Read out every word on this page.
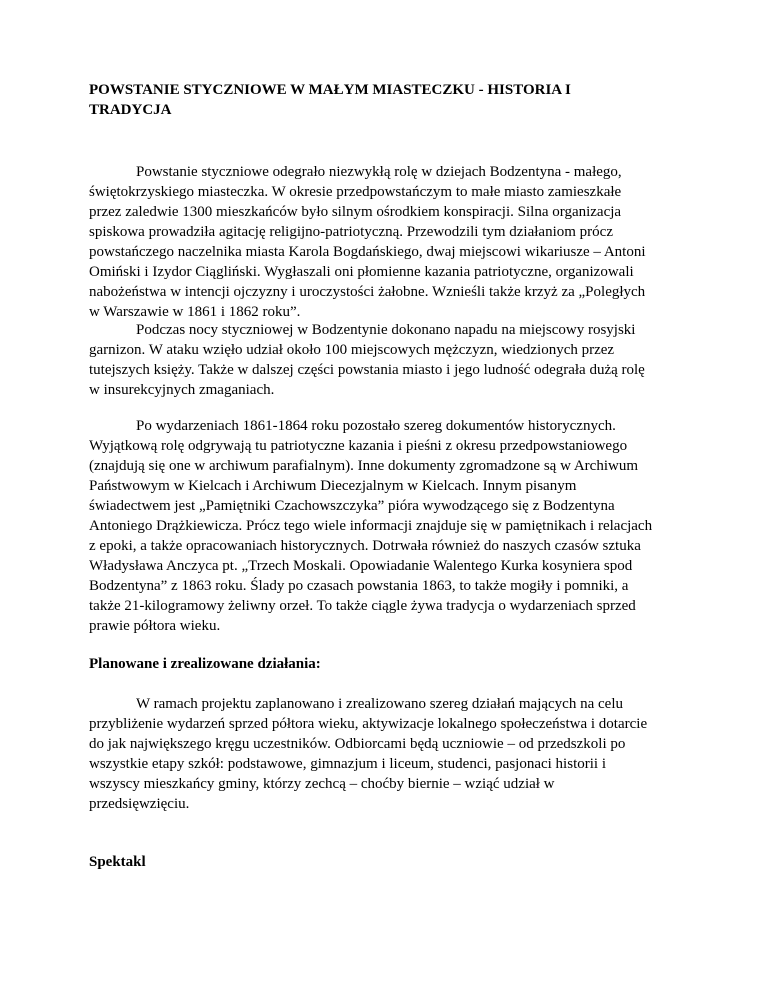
POWSTANIE STYCZNIOWE W MAŁYM MIASTECZKU - HISTORIA I
TRADYCJA

Powstanie styczniowe odegrało niezwykłą rolę w dziejach Bodzentyna - małego,
świętokrzyskiego miasteczka. W okresie przedpowstańczym to małe miasto zamieszkałe
przez zaledwie 1300 mieszkańców było silnym ośrodkiem konspiracji. Silna organizacja
spiskowa prowadziła agitację religijno-patriotyczną. Przewodzili tym działaniom prócz
powstańczego naczelnika miasta Karola Bogdańskiego, dwaj miejscowi wikariusze – Antoni
Omiński i Izydor Ciągliński. Wygłaszali oni płomienne kazania patriotyczne, organizowali
nabożeństwa w intencji ojczyzny i uroczystości żałobne. Wznieśli także krzyż za „Poległych
w Warszawie w 1861 i 1862 roku”.

Podczas nocy styczniowej w Bodzentynie dokonano napadu na miejscowy rosyjski
garnizon. W ataku wzięło udział około 100 miejscowych mężczyzn, wiedzionych przez
tutejszych księży. Także w dalszej części powstania miasto i jego ludność odegrała dużą rolę
w insurekcyjnych zmaganiach.

Po wydarzeniach 1861-1864 roku pozostało szereg dokumentów historycznych.
Wyjątkową rolę odgrywają tu patriotyczne kazania i pieśni z okresu przedpowstaniowego
(znajdują się one w archiwum parafialnym). Inne dokumenty zgromadzone są w Archiwum
Państwowym w Kielcach i Archiwum Diecezjalnym w Kielcach. Innym pisanym
świadectwem jest „Pamiętniki Czachowszczyka” pióra wywodzącego się z Bodzentyna
Antoniego Drążkiewicza. Prócz tego wiele informacji znajduje się w pamiętnikach i relacjach
z epoki, a także opracowaniach historycznych. Dotrwała również do naszych czasów sztuka
Władysława Anczyca pt. „Trzech Moskali. Opowiadanie Walentego Kurka kosyniera spod
Bodzentyna” z 1863 roku. Ślady po czasach powstania 1863, to także mogiły i pomniki, a
także 21-kilogramowy żeliwny orzeł. To także ciągle żywa tradycja o wydarzeniach sprzed
prawie półtora wieku.

Planowane i zrealizowane działania:

W ramach projektu zaplanowano i zrealizowano szereg działań mających na celu
przybliżenie wydarzeń sprzed półtora wieku, aktywizacje lokalnego społeczeństwa i dotarcie
do jak największego kręgu uczestników. Odbiorcami będą uczniowie – od przedszkoli po
wszystkie etapy szkół: podstawowe, gimnazjum i liceum, studenci, pasjonaci historii i
wszyscy mieszkańcy gminy, którzy zechcą – choćby biernie – wziąć udział w
przedsięwzięciu.

Spektakl
